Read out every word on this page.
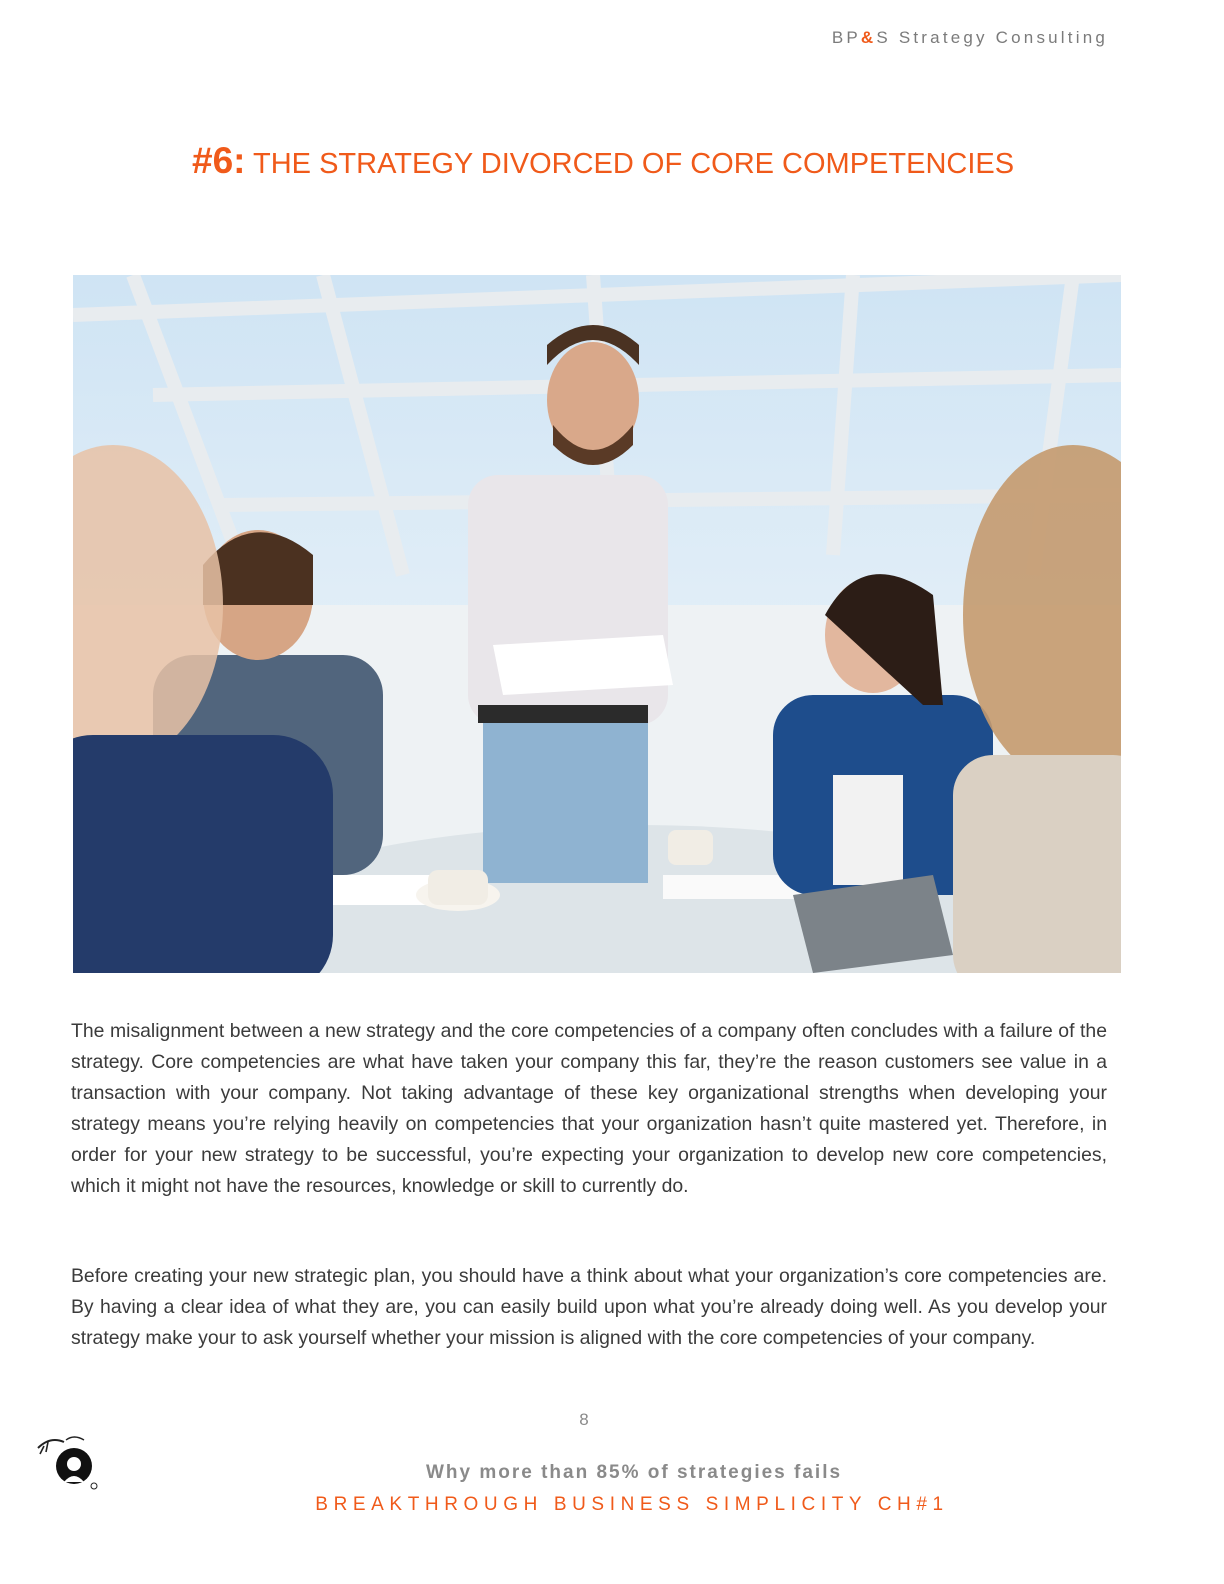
BP&S Strategy Consulting
#6: THE STRATEGY DIVORCED OF CORE COMPETENCIES

The misalignment between a new strategy and the core competencies of a company often concludes with a failure of the strategy. Core competencies are what have taken your company this far, they’re the reason customers see value in a transaction with your company. Not taking advantage of these key organizational strengths when developing your strategy means you’re relying heavily on competencies that your organization hasn’t quite mastered yet. Therefore, in order for your new strategy to be successful, you’re expecting your organization to develop new core competencies, which it might not have the resources, knowledge or skill to currently do.

Before creating your new strategic plan, you should have a think about what your organization’s core competencies are. By having a clear idea of what they are, you can easily build upon what you’re already doing well. As you develop your strategy make your to ask yourself whether your mission is aligned with the core competencies of your company.

8
Why more than 85% of strategies fails
BREAKTHROUGH BUSINESS SIMPLICITY CH#1
